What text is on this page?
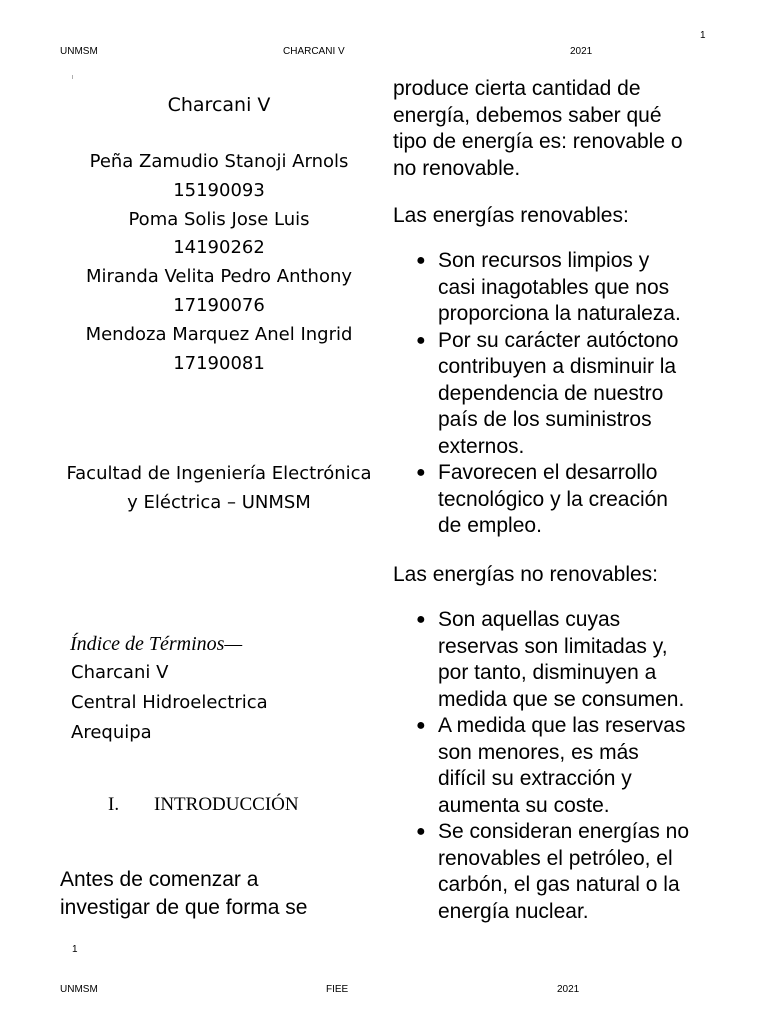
1
UNMSM	CHARCANI V	2021
I
Charcani V
Peña Zamudio Stanoji Arnols
15190093
Poma Solis Jose Luis
14190262
Miranda Velita Pedro Anthony
17190076
Mendoza Marquez Anel Ingrid
17190081
Facultad de Ingeniería Electrónica
y Eléctrica – UNMSM
Índice de Términos—
Charcani V
Central Hidroelectrica
Arequipa
I. INTRODUCCIÓN
Antes de comenzar a
investigar de que forma se
1
produce cierta cantidad de
energía, debemos saber qué
tipo de energía es: renovable o
no renovable.
Las energías renovables:
● Son recursos limpios y
casi inagotables que nos
proporciona la naturaleza.
● Por su carácter autóctono
contribuyen a disminuir la
dependencia de nuestro
país de los suministros
externos.
● Favorecen el desarrollo
tecnológico y la creación
de empleo.
Las energías no renovables:
● Son aquellas cuyas
reservas son limitadas y,
por tanto, disminuyen a
medida que se consumen.
● A medida que las reservas
son menores, es más
difícil su extracción y
aumenta su coste.
● Se consideran energías no
renovables el petróleo, el
carbón, el gas natural o la
energía nuclear.
UNMSM	FIEE	2021
